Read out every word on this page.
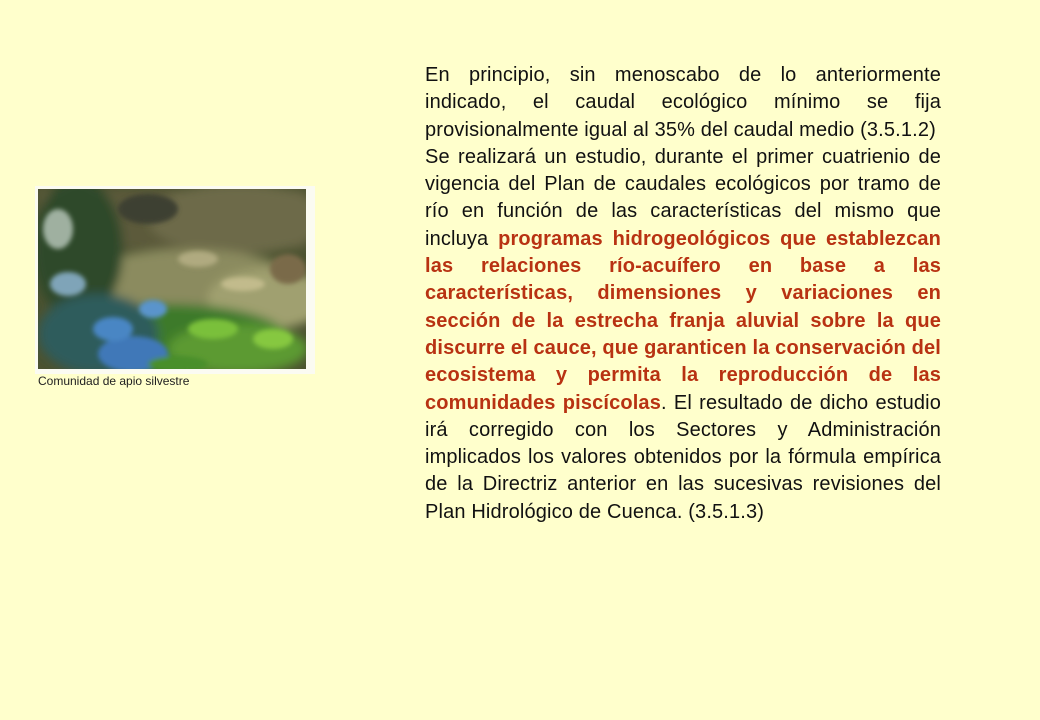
Comunidad de apio silvestre

En principio, sin menoscabo de lo anteriormente indicado, el caudal ecológico mínimo se fija provisionalmente igual al 35% del caudal medio (3.5.1.2)

Se realizará un estudio, durante el primer cuatrienio de vigencia del Plan de caudales ecológicos por tramo de río en función de las características del mismo que incluya programas hidrogeológicos que establezcan las relaciones río-acuífero en base a las características, dimensiones y variaciones en sección de la estrecha franja aluvial sobre la que discurre el cauce, que garanticen la conservación del ecosistema y permita la reproducción de las comunidades piscícolas. El resultado de dicho estudio irá corregido con los Sectores y Administración implicados los valores obtenidos por la fórmula empírica de la Directriz anterior en las sucesivas revisiones del Plan Hidrológico de Cuenca. (3.5.1.3)
